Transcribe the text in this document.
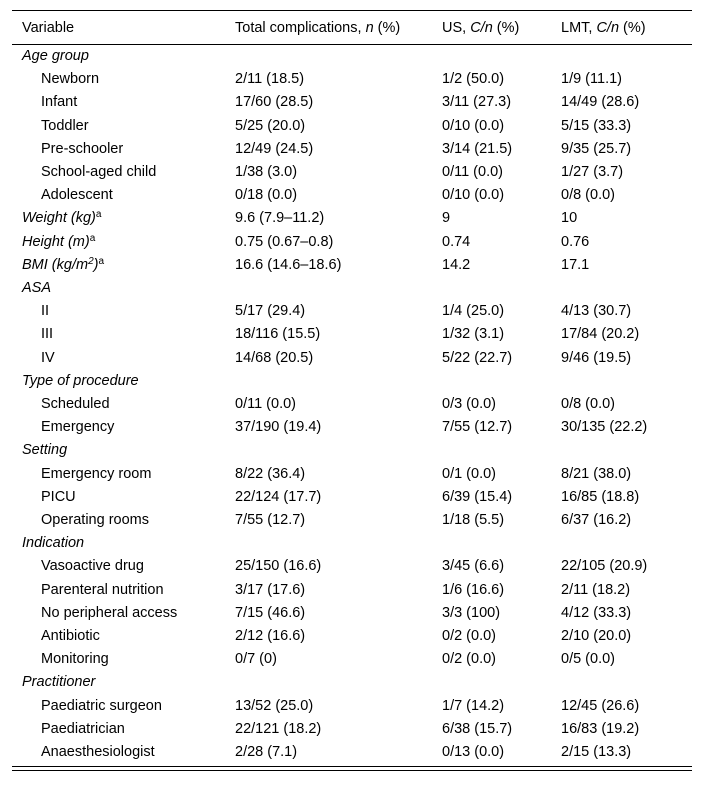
Variable	Total complications, n (%)	US, C/n (%)	LMT, C/n (%)
Age group			
Newborn	2/11 (18.5)	1/2 (50.0)	1/9 (11.1)
Infant	17/60 (28.5)	3/11 (27.3)	14/49 (28.6)
Toddler	5/25 (20.0)	0/10 (0.0)	5/15 (33.3)
Pre-schooler	12/49 (24.5)	3/14 (21.5)	9/35 (25.7)
School-aged child	1/38 (3.0)	0/11 (0.0)	1/27 (3.7)
Adolescent	0/18 (0.0)	0/10 (0.0)	0/8 (0.0)
Weight (kg)$^a$	9.6 (7.9–11.2)	9	10
Height $(m)^a$	0.75 (0.67–0.8)	0.74	0.76
BMI $(kg/m^2)^a$	16.6 (14.6–18.6)	14.2	17.1
ASA			
II	5/17 (29.4)	1/4 (25.0)	4/13 (30.7)
III	18/116 (15.5)	1/32 (3.1)	17/84 (20.2)
IV	14/68 (20.5)	5/22 (22.7)	9/46 (19.5)
Type of procedure			
Scheduled	0/11 (0.0)	0/3 (0.0)	0/8 (0.0)
Emergency	37/190 (19.4)	7/55 (12.7)	30/135 (22.2)
Setting			
Emergency room	8/22 (36.4)	0/1 (0.0)	8/21 (38.0)
PICU	22/124 (17.7)	6/39 (15.4)	16/85 (18.8)
Operating rooms	7/55 (12.7)	1/18 (5.5)	6/37 (16.2)
Indication			
Vasoactive drug	25/150 (16.6)	3/45 (6.6)	22/105 (20.9)
Parenteral nutrition	3/17 (17.6)	1/6 (16.6)	2/11 (18.2)
No peripheral access	7/15 (46.6)	3/3 (100)	4/12 (33.3)
Antibiotic	2/12 (16.6)	0/2 (0.0)	2/10 (20.0)
Monitoring	0/7 (0)	0/2 (0.0)	0/5 (0.0)
Practitioner			
Paediatric surgeon	13/52 (25.0)	1/7 (14.2)	12/45 (26.6)
Paediatrician	22/121 (18.2)	6/38 (15.7)	16/83 (19.2)
Anaesthesiologist	2/28 (7.1)	0/13 (0.0)	2/15 (13.3)
